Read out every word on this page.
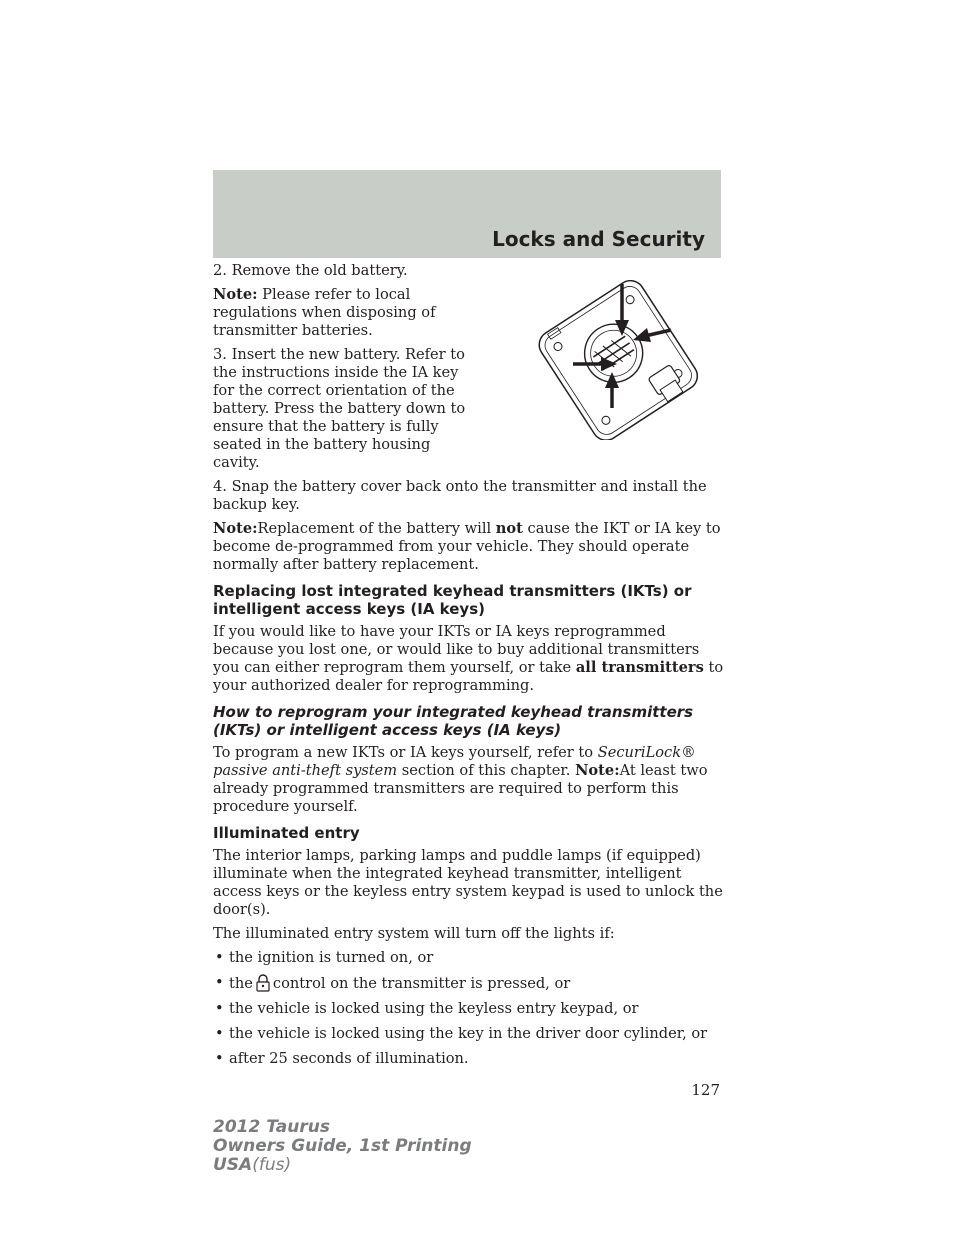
Locks and Security

2. Remove the old battery.

Note: Please refer to local regulations when disposing of transmitter batteries.

3. Insert the new battery. Refer to the instructions inside the IA key for the correct orientation of the battery. Press the battery down to ensure that the battery is fully seated in the battery housing cavity.

4. Snap the battery cover back onto the transmitter and install the backup key.

Note:Replacement of the battery will not cause the IKT or IA key to become de-programmed from your vehicle. They should operate normally after battery replacement.

Replacing lost integrated keyhead transmitters (IKTs) or intelligent access keys (IA keys)

If you would like to have your IKTs or IA keys reprogrammed because you lost one, or would like to buy additional transmitters you can either reprogram them yourself, or take all transmitters to your authorized dealer for reprogramming.

How to reprogram your integrated keyhead transmitters (IKTs) or intelligent access keys (IA keys)

To program a new IKTs or IA keys yourself, refer to SecuriLock® passive anti-theft system section of this chapter. Note:At least two already programmed transmitters are required to perform this procedure yourself.

Illuminated entry

The interior lamps, parking lamps and puddle lamps (if equipped) illuminate when the integrated keyhead transmitter, intelligent access keys or the keyless entry system keypad is used to unlock the door(s).

The illuminated entry system will turn off the lights if:

• the ignition is turned on, or
• the control on the transmitter is pressed, or
• the vehicle is locked using the keyless entry keypad, or
• the vehicle is locked using the key in the driver door cylinder, or
• after 25 seconds of illumination.
127
2012 Taurus
Owners Guide, 1st Printing
USA(fus)
